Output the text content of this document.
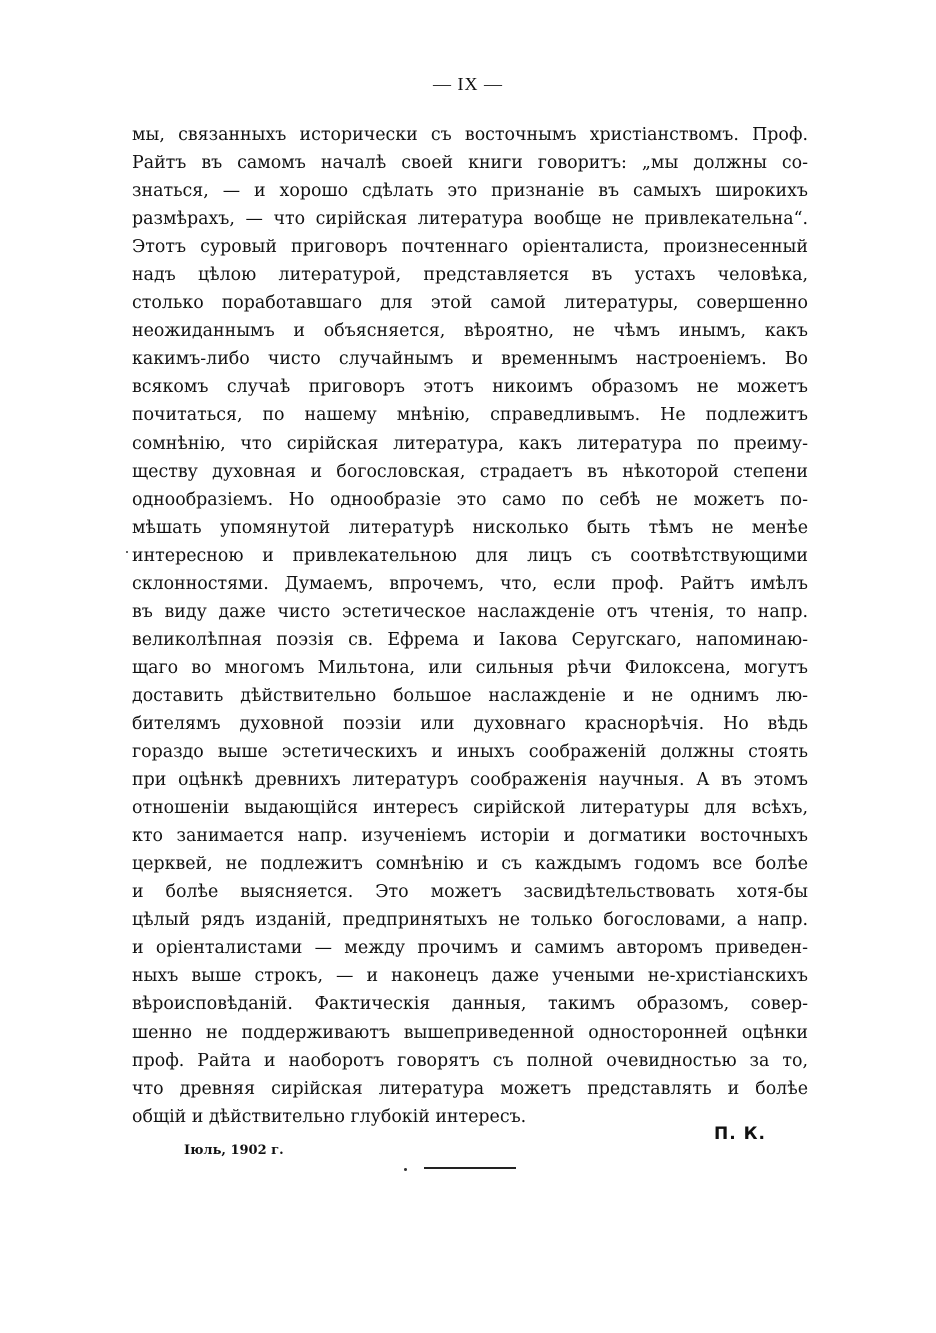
— IX —
мы, связанныхъ исторически съ восточнымъ христіанствомъ. Проф.
Райтъ въ самомъ началѣ своей книги говоритъ: „мы должны со-
знаться, — и хорошо сдѣлать это признаніе въ самыхъ широкихъ
размѣрахъ, — что сирійская литература вообще не привлекательна“.
Этотъ суровый приговоръ почтеннаго оріенталиста, произнесенный
надъ цѣлою литературой, представляется въ устахъ человѣка,
столько поработавшаго для этой самой литературы, совершенно
неожиданнымъ и объясняется, вѣроятно, не чѣмъ инымъ, какъ
какимъ-либо чисто случайнымъ и временнымъ настроеніемъ. Во
всякомъ случаѣ приговоръ этотъ никоимъ образомъ не можетъ
почитаться, по нашему мнѣнію, справедливымъ. Не подлежитъ
сомнѣнію, что сирійская литература, какъ литература по преиму-
ществу духовная и богословская, страдаетъ въ нѣкоторой степени
однообразіемъ. Но однообразіе это само по себѣ не можетъ по-
мѣшать упомянутой литературѣ нисколько быть тѣмъ не менѣе
интересною и привлекательною для лицъ съ соотвѣтствующими
склонностями. Думаемъ, впрочемъ, что, если проф. Райтъ имѣлъ
въ виду даже чисто эстетическое наслажденіе отъ чтенія, то напр.
великолѣпная поэзія св. Ефрема и Іакова Серугскаго, напоминаю-
щаго во многомъ Мильтона, или сильныя рѣчи Филоксена, могутъ
доставить дѣйствительно большое наслажденіе и не однимъ лю-
бителямъ духовной поэзіи или духовнаго краснорѣчія. Но вѣдь
гораздо выше эстетическихъ и иныхъ соображеній должны стоять
при оцѣнкѣ древнихъ литературъ соображенія научныя. А въ этомъ
отношеніи выдающійся интересъ сирійской литературы для всѣхъ,
кто занимается напр. изученіемъ исторіи и догматики восточныхъ
церквей, не подлежитъ сомнѣнію и съ каждымъ годомъ все болѣе
и болѣе выясняется. Это можетъ засвидѣтельствовать хотя-бы
цѣлый рядъ изданій, предпринятыхъ не только богословами, а напр.
и оріенталистами — между прочимъ и самимъ авторомъ приведен-
ныхъ выше строкъ, — и наконецъ даже учеными не-христіанскихъ
вѣроисповѣданій. Фактическія данныя, такимъ образомъ, совер-
шенно не поддерживаютъ вышеприведенной односторонней оцѣнки
проф. Райта и наоборотъ говорятъ съ полной очевидностью за то,
что древняя сирійская литература можетъ представлять и болѣе
общій и дѣйствительно глубокій интересъ.
П. К.
Іюль, 1902 г.
